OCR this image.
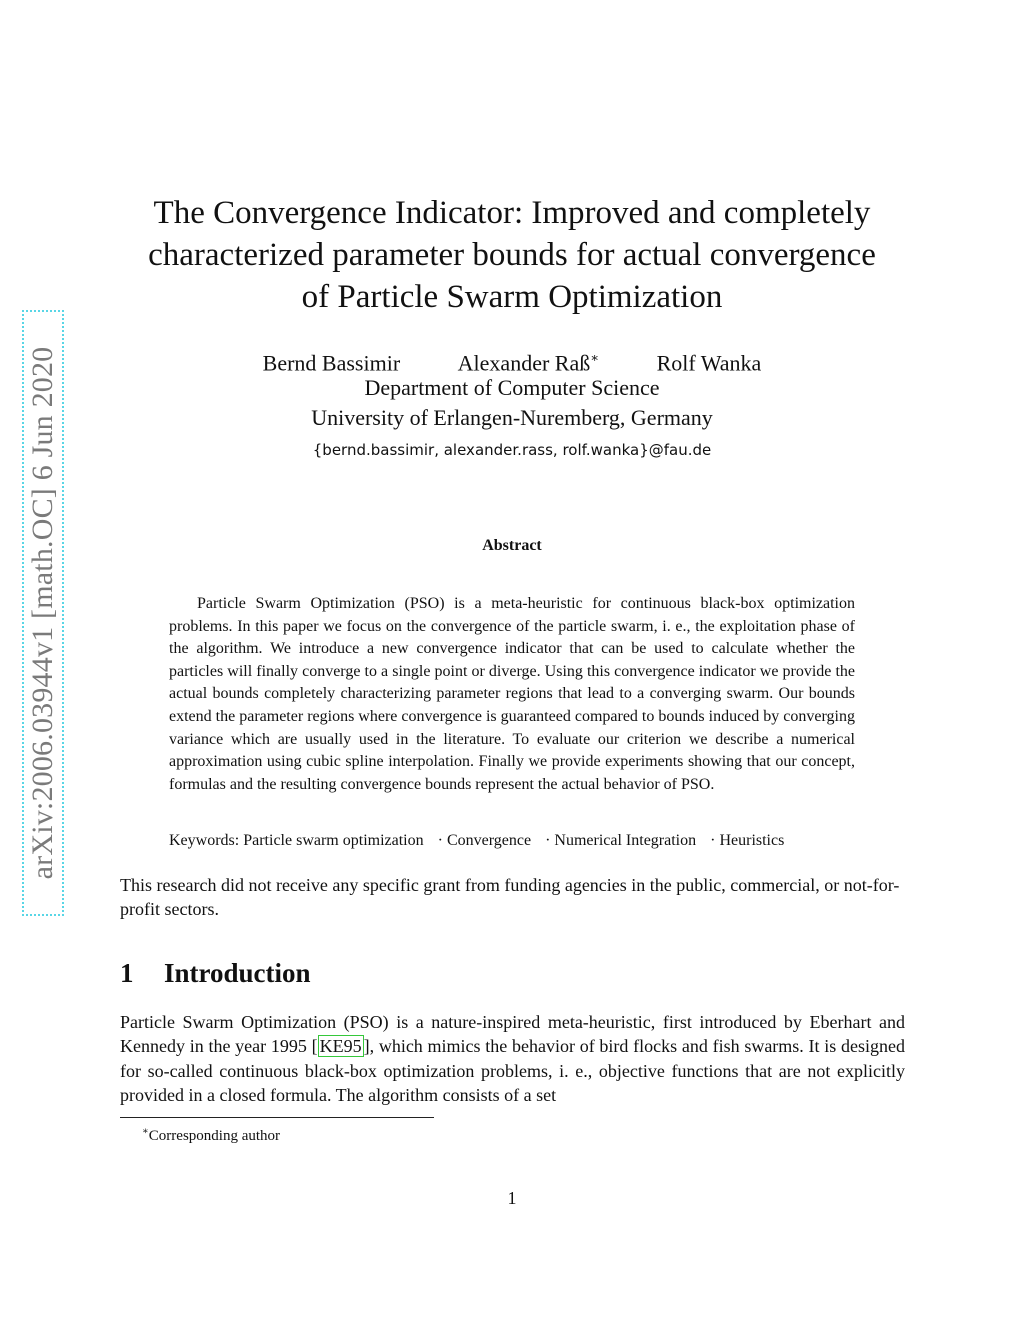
arXiv:2006.03944v1 [math.OC] 6 Jun 2020
The Convergence Indicator: Improved and completely
characterized parameter bounds for actual convergence
of Particle Swarm Optimization
Bernd Bassimir	Alexander Raß∗	Rolf Wanka
Department of Computer Science
University of Erlangen-Nuremberg, Germany
{bernd.bassimir, alexander.rass, rolf.wanka}@fau.de
Abstract

Particle Swarm Optimization (PSO) is a meta-heuristic for continuous black-box optimization problems. In this paper we focus on the convergence of the particle swarm, i. e., the exploitation phase of the algorithm. We introduce a new convergence indicator that can be used to calculate whether the particles will finally converge to a single point or diverge. Using this convergence indicator we provide the actual bounds completely characterizing parameter regions that lead to a converging swarm. Our bounds extend the parameter regions where convergence is guaranteed compared to bounds induced by converging variance which are usually used in the literature. To evaluate our criterion we describe a numerical approximation using cubic spline interpolation. Finally we provide experiments showing that our concept, formulas and the resulting convergence bounds represent the actual behavior of PSO.

Keywords: Particle swarm optimization · Convergence · Numerical Integration · Heuristics

This research did not receive any specific grant from funding agencies in the public, commercial, or not-for-profit sectors.

1 Introduction

Particle Swarm Optimization (PSO) is a nature-inspired meta-heuristic, first introduced by Eberhart and Kennedy in the year 1995 [ KE95 ], which mimics the behavior of bird flocks and fish swarms. It is designed for so-called continuous black-box optimization problems, i. e., objective functions that are not explicitly provided in a closed formula. The algorithm consists of a set

∗Corresponding author
1
